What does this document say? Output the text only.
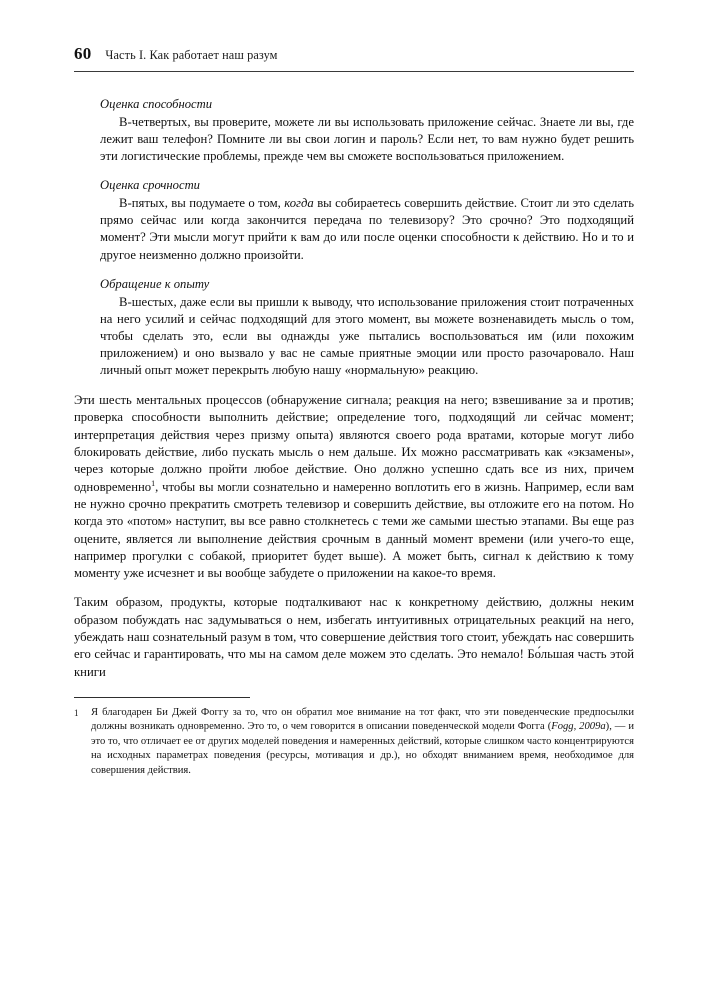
60 Часть I. Как работает наш разум
Оценка способности

В-четвертых, вы проверите, можете ли вы использовать приложение сейчас. Знаете ли вы, где лежит ваш телефон? Помните ли вы свои логин и пароль? Если нет, то вам нужно будет решить эти логистические проблемы, прежде чем вы сможете воспользоваться приложением.

Оценка срочности

В-пятых, вы подумаете о том, когда вы собираетесь совершить действие. Стоит ли это сделать прямо сейчас или когда закончится передача по телевизору? Это срочно? Это подходящий момент? Эти мысли могут прийти к вам до или после оценки способности к действию. Но и то и другое неизменно должно произойти.

Обращение к опыту

В-шестых, даже если вы пришли к выводу, что использование приложения стоит потраченных на него усилий и сейчас подходящий для этого момент, вы можете возненавидеть мысль о том, чтобы сделать это, если вы однажды уже пытались воспользоваться им (или похожим приложением) и оно вызвало у вас не самые приятные эмоции или просто разочаровало. Наш личный опыт может перекрыть любую нашу «нормальную» реакцию.

Эти шесть ментальных процессов (обнаружение сигнала; реакция на него; взвешивание за и против; проверка способности выполнить действие; определение того, подходящий ли сейчас момент; интерпретация действия через призму опыта) являются своего рода вратами, которые могут либо блокировать действие, либо пускать мысль о нем дальше. Их можно рассматривать как «экзамены», через которые должно пройти любое действие. Оно должно успешно сдать все из них, причем одновременно$^1$, чтобы вы могли сознательно и намеренно воплотить его в жизнь. Например, если вам не нужно срочно прекратить смотреть телевизор и совершить действие, вы отложите его на потом. Но когда это «потом» наступит, вы все равно столкнетесь с теми же самыми шестью этапами. Вы еще раз оцените, является ли выполнение действия срочным в данный момент времени (или учего-то еще, например прогулки с собакой, приоритет будет выше). А может быть, сигнал к действию к тому моменту уже исчезнет и вы вообще забудете о приложении на какое-то время.

Таким образом, продукты, которые подталкивают нас к конкретному действию, должны неким образом побуждать нас задумываться о нем, избегать интуитивных отрицательных реакций на него, убеждать наш сознательный разум в том, что совершение действия того стоит, убеждать нас совершить его сейчас и гарантировать, что мы на самом деле можем это сделать. Это немало! Бо́льшая часть этой книги

1	Я благодарен Би Джей Фоггу за то, что он обратил мое внимание на тот факт, что эти поведенческие предпосылки должны возникать одновременно. Это то, о чем говорится в описании поведенческой модели Фогга (Fogg, 2009a), — и это то, что отличает ее от других моделей поведения и намеренных действий, которые слишком часто концентрируются на исходных параметрах поведения (ресурсы, мотивация и др.), но обходят вниманием время, необходимое для совершения действия.
